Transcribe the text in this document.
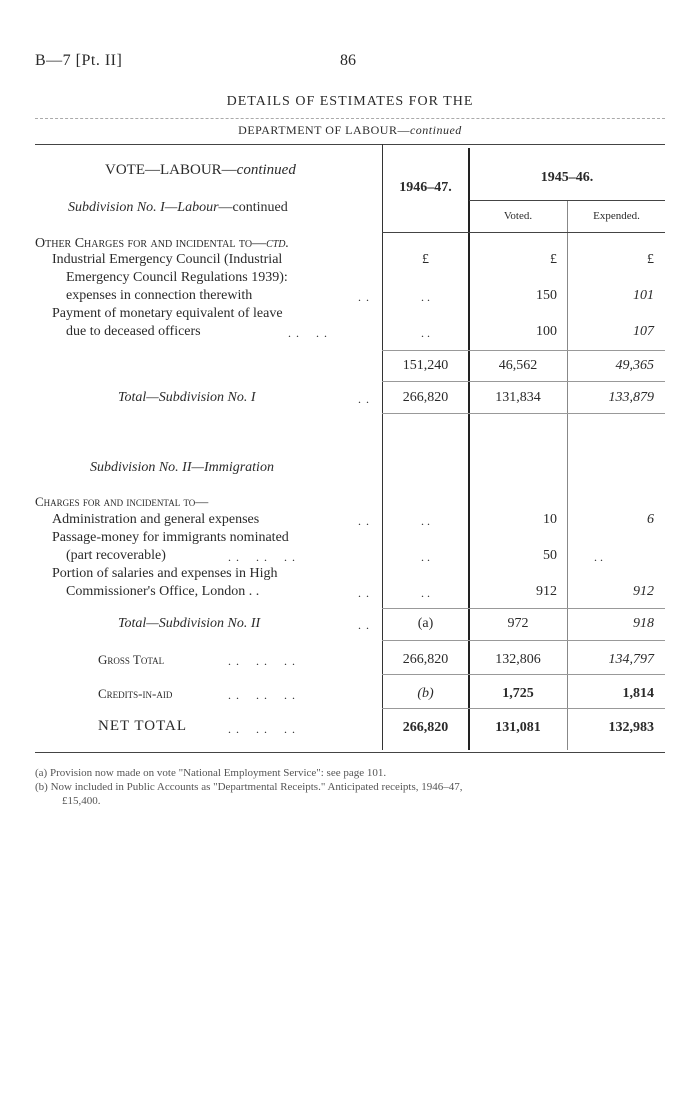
B—7 [Pt. II]	86
DETAILS OF ESTIMATES FOR THE
DEPARTMENT OF LABOUR—continued
1946–47.
1945–46.
Voted.	Expended.
VOTE—LABOUR—continued
Subdivision No. I—Labour—continued
Other Charges for and incidental to—ctd.
£	£	£
Industrial Emergency Council (Industrial
Emergency Council Regulations 1939):
expenses in connection therewith	. .	. .	150	101
Payment of monetary equivalent of leave
due to deceased officers	. .    . .	. .	100	107
151,240	46,562	49,365
Total—Subdivision No. I	. .	266,820	131,834	133,879
Subdivision No. II—Immigration
Charges for and incidental to—
Administration and general expenses	. .	. .	10	6
Passage-money for immigrants nominated
(part recoverable)	. .    . .    . .	. .	50	. .
Portion of salaries and expenses in High
Commissioner's Office, London . .	. .	. .	912	912
Total—Subdivision No. II	. .	(a)	972	918
Gross Total	. .    . .    . .	266,820	132,806	134,797
Credits-in-aid	. .    . .    . .	(b)	1,725	1,814
NET TOTAL	. .    . .    . .	266,820	131,081	132,983
(a) Provision now made on vote "National Employment Service": see page 101.
(b) Now included in Public Accounts as "Departmental Receipts." Anticipated receipts, 1946–47,
£15,400.
